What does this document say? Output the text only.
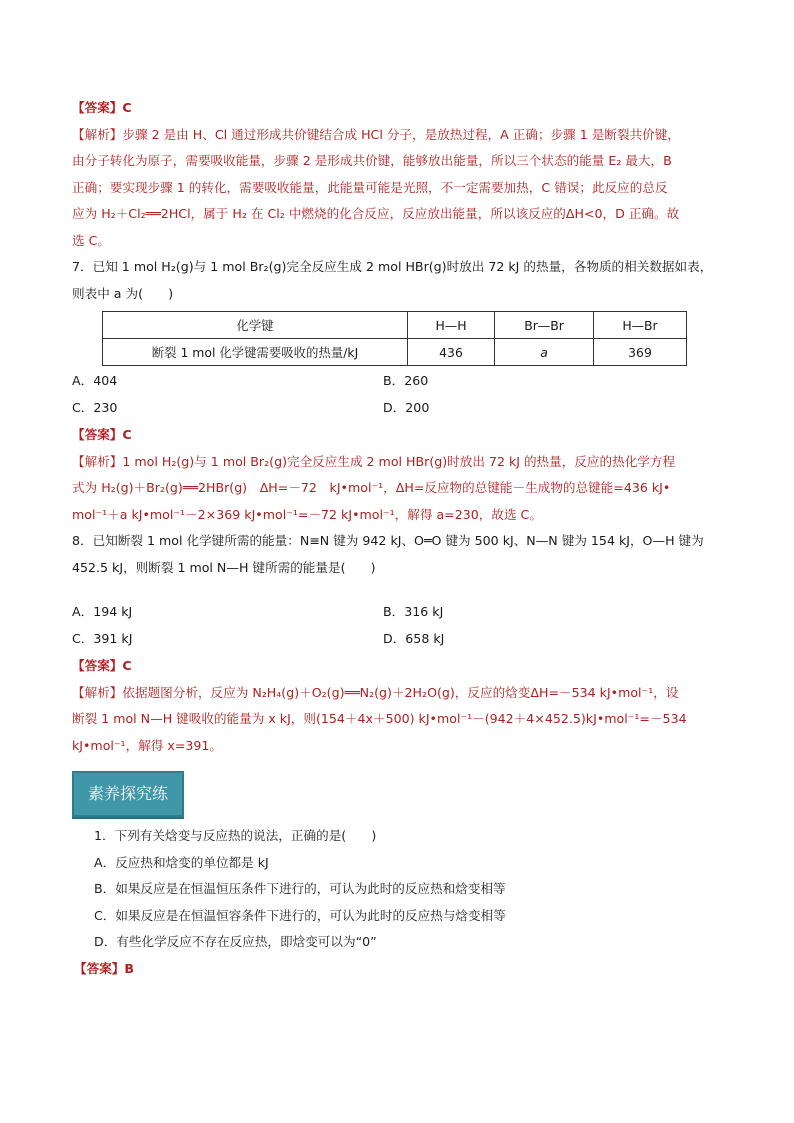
【答案】C
【解析】步骤 2 是由 H、Cl 通过形成共价键结合成 HCl 分子，是放热过程，A 正确；步骤 1 是断裂共价键，
由分子转化为原子，需要吸收能量，步骤 2 是形成共价键，能够放出能量，所以三个状态的能量 E₂ 最大，B
正确；要实现步骤 1 的转化，需要吸收能量，此能量可能是光照，不一定需要加热，C 错误；此反应的总反
应为 H₂＋Cl₂══2HCl，属于 H₂ 在 Cl₂ 中燃烧的化合反应，反应放出能量，所以该反应的ΔH<0，D 正确。故
选 C。
7．已知 1 mol H₂(g)与 1 mol Br₂(g)完全反应生成 2 mol HBr(g)时放出 72 kJ 的热量，各物质的相关数据如表，
则表中 a 为(　　)
化学键	H—H	Br—Br	H—Br
断裂 1 mol 化学键需要吸收的热量/kJ	436	a	369
A．404	B．260
C．230	D．200
【答案】C
【解析】1 mol H₂(g)与 1 mol Br₂(g)完全反应生成 2 mol HBr(g)时放出 72 kJ 的热量，反应的热化学方程
式为 H₂(g)＋Br₂(g)══2HBr(g)　ΔH=－72　kJ•mol⁻¹，ΔH=反应物的总键能－生成物的总键能=436 kJ•
mol⁻¹＋a kJ•mol⁻¹－2×369 kJ•mol⁻¹=－72 kJ•mol⁻¹，解得 a=230，故选 C。
8．已知断裂 1 mol 化学键所需的能量：N≡N 键为 942 kJ、O═O 键为 500 kJ、N—N 键为 154 kJ，O—H 键为
452.5 kJ，则断裂 1 mol N—H 键所需的能量是(　　)
A．194 kJ	B．316 kJ
C．391 kJ	D．658 kJ
【答案】C
【解析】依据题图分析，反应为 N₂H₄(g)＋O₂(g)══N₂(g)＋2H₂O(g)，反应的焓变ΔH=－534 kJ•mol⁻¹，设
断裂 1 mol N—H 键吸收的能量为 x kJ，则(154＋4x＋500) kJ•mol⁻¹－(942＋4×452.5)kJ•mol⁻¹=－534
kJ•mol⁻¹，解得 x=391。
素养探究练
1．下列有关焓变与反应热的说法，正确的是(　　)
A．反应热和焓变的单位都是 kJ
B．如果反应是在恒温恒压条件下进行的，可认为此时的反应热和焓变相等
C．如果反应是在恒温恒容条件下进行的，可认为此时的反应热与焓变相等
D．有些化学反应不存在反应热，即焓变可以为“0”
【答案】B
